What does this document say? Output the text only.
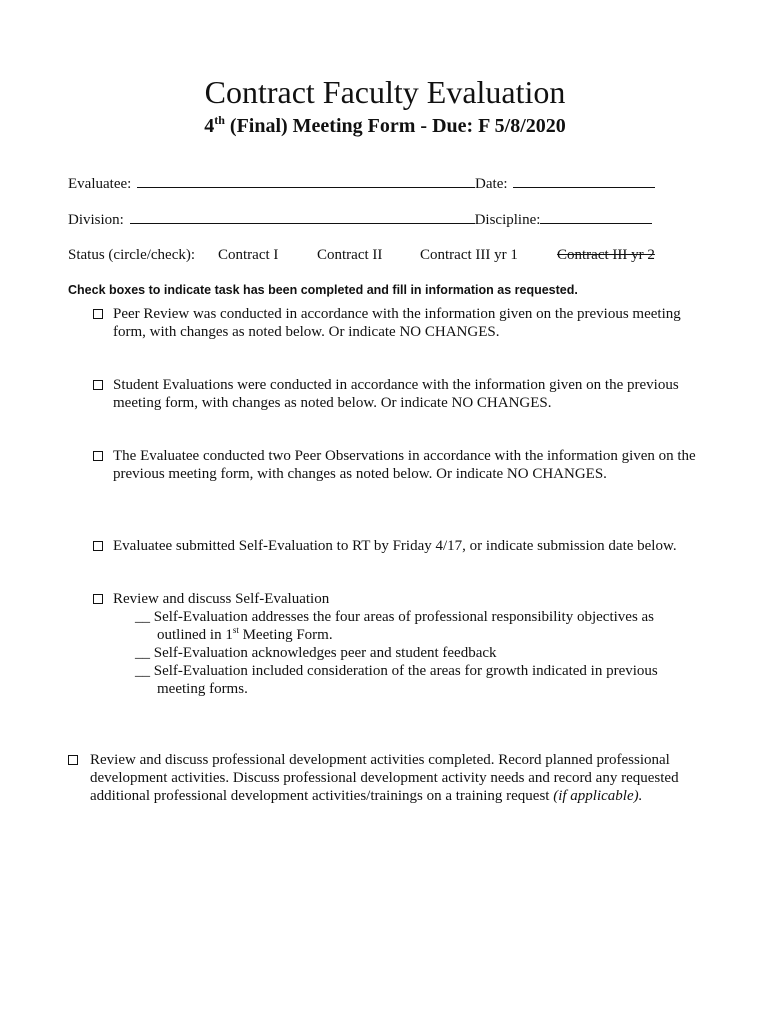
Contract Faculty Evaluation
4th (Final) Meeting Form - Due: F 5/8/2020
Evaluatee:	Date:
Division:	Discipline:
Status (circle/check): Contract I	Contract II	Contract III yr 1	Contract III yr 2
Check boxes to indicate task has been completed and fill in information as requested.

Peer Review was conducted in accordance with the information given on the previous meeting form, with changes as noted below. Or indicate NO CHANGES.

Student Evaluations were conducted in accordance with the information given on the previous meeting form, with changes as noted below. Or indicate NO CHANGES.

The Evaluatee conducted two Peer Observations in accordance with the information given on the previous meeting form, with changes as noted below. Or indicate NO CHANGES.

Evaluatee submitted Self-Evaluation to RT by Friday 4/17, or indicate submission date below.

Review and discuss Self-Evaluation

__ Self-Evaluation addresses the four areas of professional responsibility objectives as
outlined in 1st Meeting Form.
__ Self-Evaluation acknowledges peer and student feedback
__ Self-Evaluation included consideration of the areas for growth indicated in previous
meeting forms.

Review and discuss professional development activities completed. Record planned professional development activities. Discuss professional development activity needs and record any requested additional professional development activities/trainings on a training request (if applicable).
